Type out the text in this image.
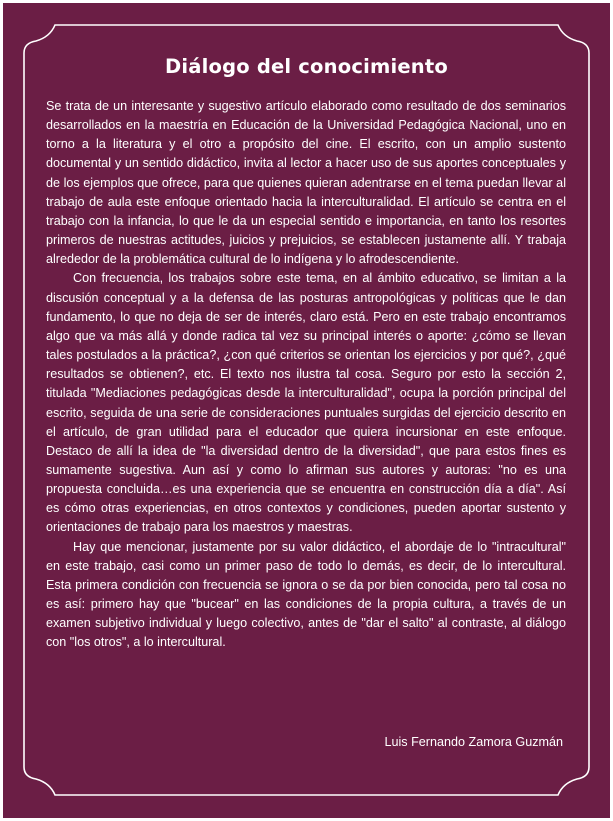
Diálogo del conocimiento

Se trata de un interesante y sugestivo artículo elaborado como resultado de dos seminarios desarrollados en la maestría en Educación de la Universidad Pedagógica Nacional, uno en torno a la literatura y el otro a propósito del cine. El escrito, con un amplio sustento documental y un sentido didáctico, invita al lector a hacer uso de sus aportes conceptuales y de los ejemplos que ofrece, para que quienes quieran adentrarse en el tema puedan llevar al trabajo de aula este enfoque orientado hacia la interculturalidad. El artículo se centra en el trabajo con la infancia, lo que le da un especial sentido e importancia, en tanto los resortes primeros de nuestras actitudes, juicios y prejuicios, se establecen justamente allí. Y trabaja alrededor de la problemática cultural de lo indígena y lo afrodescendiente.

Con frecuencia, los trabajos sobre este tema, en al ámbito educativo, se limitan a la discusión conceptual y a la defensa de las posturas antropológicas y políticas que le dan fundamento, lo que no deja de ser de interés, claro está. Pero en este trabajo encontramos algo que va más allá y donde radica tal vez su principal interés o aporte: ¿cómo se llevan tales postulados a la práctica?, ¿con qué criterios se orientan los ejercicios y por qué?, ¿qué resultados se obtienen?, etc. El texto nos ilustra tal cosa. Seguro por esto la sección 2, titulada "Mediaciones pedagógicas desde la interculturalidad", ocupa la porción principal del escrito, seguida de una serie de consideraciones puntuales surgidas del ejercicio descrito en el artículo, de gran utilidad para el educador que quiera incursionar en este enfoque. Destaco de allí la idea de "la diversidad dentro de la diversidad", que para estos fines es sumamente sugestiva. Aun así y como lo afirman sus autores y autoras: "no es una propuesta concluida…es una experiencia que se encuentra en construcción día a día". Así es cómo otras experiencias, en otros contextos y condiciones, pueden aportar sustento y orientaciones de trabajo para los maestros y maestras.

Hay que mencionar, justamente por su valor didáctico, el abordaje de lo "intracultural" en este trabajo, casi como un primer paso de todo lo demás, es decir, de lo intercultural. Esta primera condición con frecuencia se ignora o se da por bien conocida, pero tal cosa no es así: primero hay que "bucear" en las condiciones de la propia cultura, a través de un examen subjetivo individual y luego colectivo, antes de "dar el salto" al contraste, al diálogo con "los otros", a lo intercultural.

Luis Fernando Zamora Guzmán
